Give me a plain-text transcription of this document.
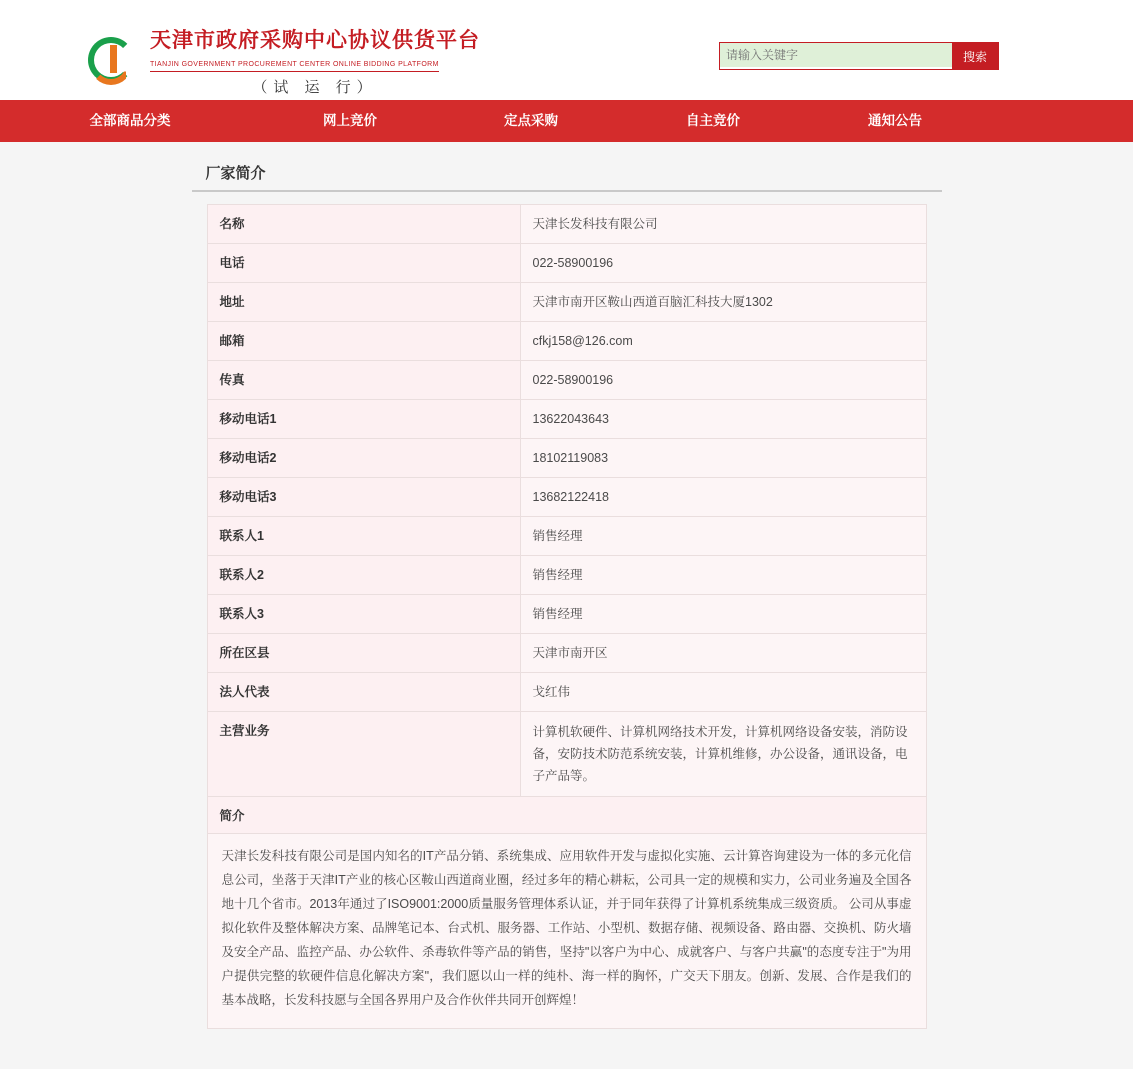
天津市政府采购中心协议供货平台
TIANJIN GOVERNMENT PROCUREMENT CENTER ONLINE BIDDING PLATFORM
（试 运 行）
请输入关键字
搜索
全部商品分类	网上竞价	定点采购	自主竞价	通知公告
厂家简介
名称	天津长发科技有限公司
电话	022-58900196
地址	天津市南开区鞍山西道百脑汇科技大厦1302
邮箱	cfkj158@126.com
传真	022-58900196
移动电话1	13622043643
移动电话2	18102119083
移动电话3	13682122418
联系人1	销售经理
联系人2	销售经理
联系人3	销售经理
所在区县	天津市南开区
法人代表	戈红伟
主营业务	计算机软硬件、计算机网络技术开发，计算机网络设备安装，消防设备，安防技术防范系统安装，计算机维修，办公设备，通讯设备，电子产品等。
简介
天津长发科技有限公司是国内知名的IT产品分销、系统集成、应用软件开发与虚拟化实施、云计算咨询建设为一体的多元化信息公司，坐落于天津IT产业的核心区鞍山西道商业圈，经过多年的精心耕耘，公司具一定的规模和实力，公司业务遍及全国各地十几个省市。2013年通过了ISO9001:2000质量服务管理体系认证，并于同年获得了计算机系统集成三级资质。 公司从事虚拟化软件及整体解决方案、品牌笔记本、台式机、服务器、工作站、小型机、数据存储、视频设备、路由器、交换机、防火墙及安全产品、监控产品、办公软件、杀毒软件等产品的销售，坚持"以客户为中心、成就客户、与客户共赢"的态度专注于"为用户提供完整的软硬件信息化解决方案"，我们愿以山一样的纯朴、海一样的胸怀，广交天下朋友。创新、发展、合作是我们的基本战略，长发科技愿与全国各界用户及合作伙伴共同开创辉煌！
